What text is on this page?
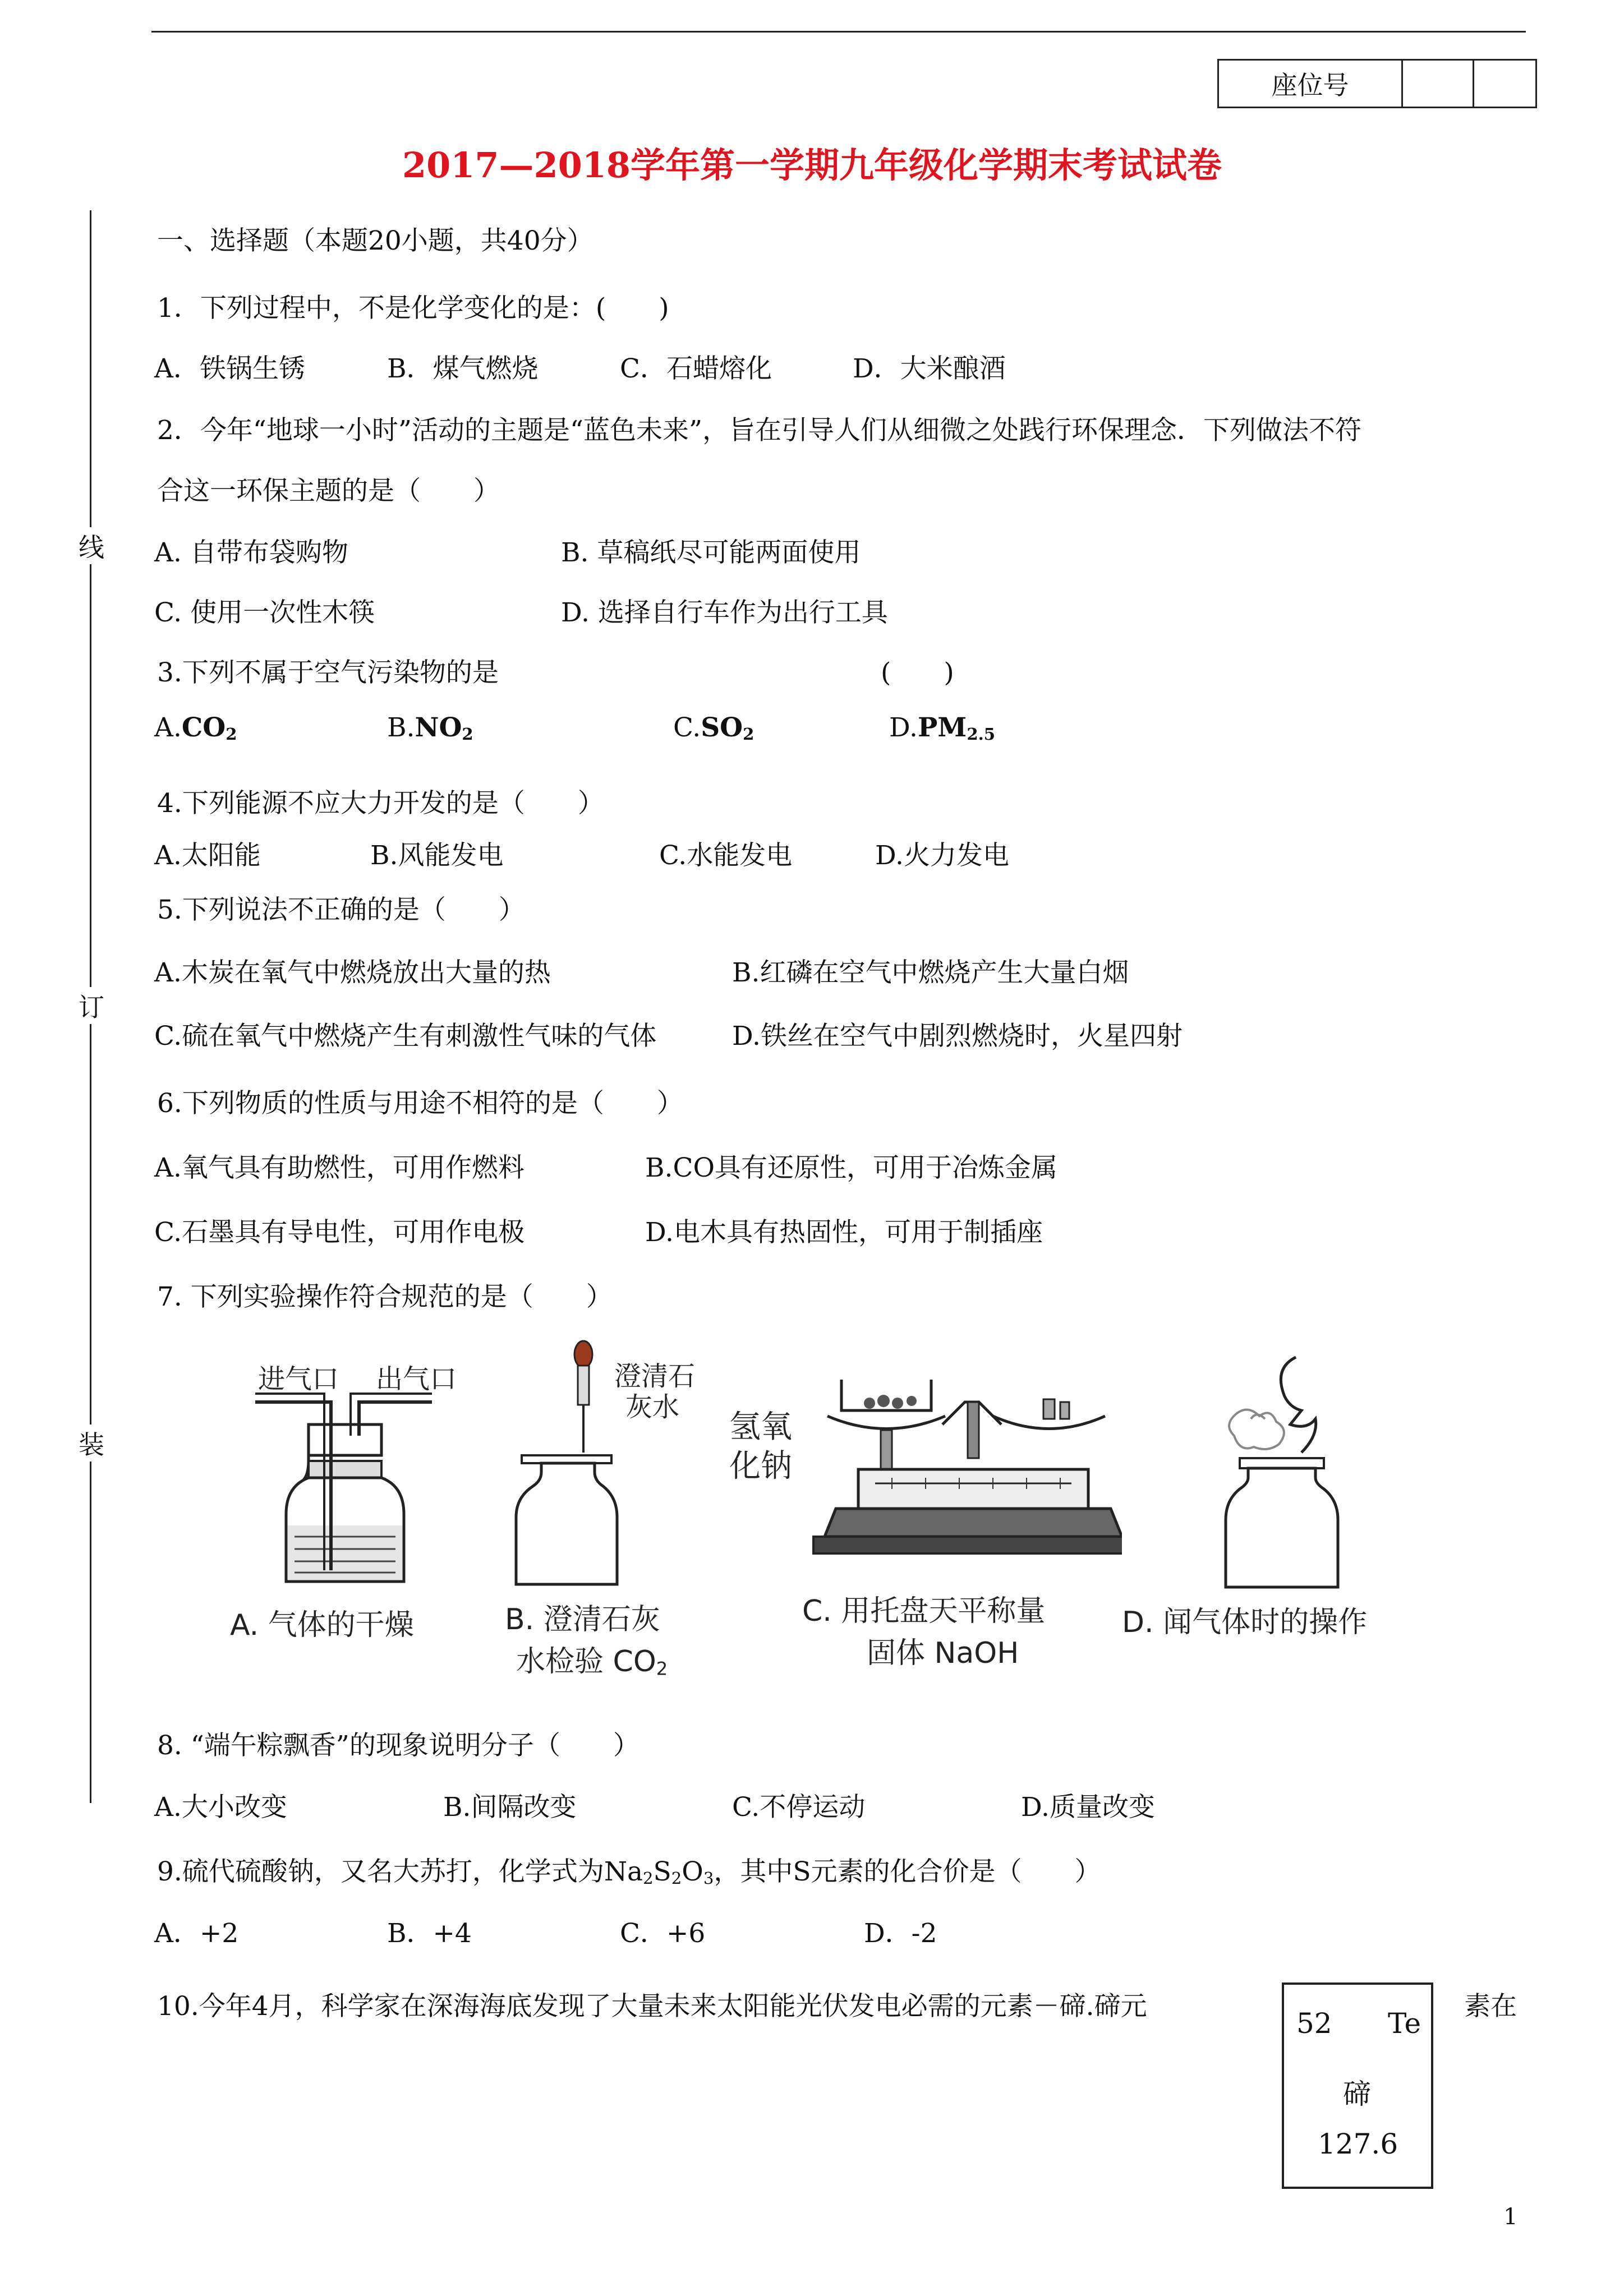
座位号
2017—2018学年第一学期九年级化学期末考试试卷
线
订
装
一、选择题（本题20小题，共40分）
1．下列过程中，不是化学变化的是：(　　)
A．铁锅生锈	B．煤气燃烧	C．石蜡熔化	D．大米酿酒
2．今年“地球一小时”活动的主题是“蓝色未来”，旨在引导人们从细微之处践行环保理念．下列做法不符
合这一环保主题的是（　　）
A. 自带布袋购物	B. 草稿纸尽可能两面使用
C. 使用一次性木筷	D. 选择自行车作为出行工具
3.下列不属于空气污染物的是	(　　)
$A.CO_2$	$B.NO_2$	$C.SO_2$	$D.PM_{2.5}$
4.下列能源不应大力开发的是（　　）
A.太阳能	B.风能发电	C.水能发电	D.火力发电
5.下列说法不正确的是（　　）
A.木炭在氧气中燃烧放出大量的热	B.红磷在空气中燃烧产生大量白烟
C.硫在氧气中燃烧产生有刺激性气味的气体	D.铁丝在空气中剧烈燃烧时，火星四射
6.下列物质的性质与用途不相符的是（　　）
A.氧气具有助燃性，可用作燃料	B.CO具有还原性，可用于冶炼金属
C.石墨具有导电性，可用作电极	D.电木具有热固性，可用于制插座
7. 下列实验操作符合规范的是（　　）
进气口 出气口
A. 气体的干燥
澄清石
灰水
B. 澄清石灰
水检验 $CO_2$
氢氧
化钠
C. 用托盘天平称量
固体 NaOH
D. 闻气体时的操作
8. “端午粽飘香”的现象说明分子（　　）
A.大小改变	B.间隔改变	C.不停运动	D.质量改变
9.硫代硫酸钠，又名大苏打，化学式为$Na_2S_2O_3$，其中S元素的化合价是（　　）
A．+2	B．+4	C．+6	D．-2
10.今年4月，科学家在深海海底发现了大量未来太阳能光伏发电必需的元素－碲.碲元	素在
52 Te
碲
127.6
1
